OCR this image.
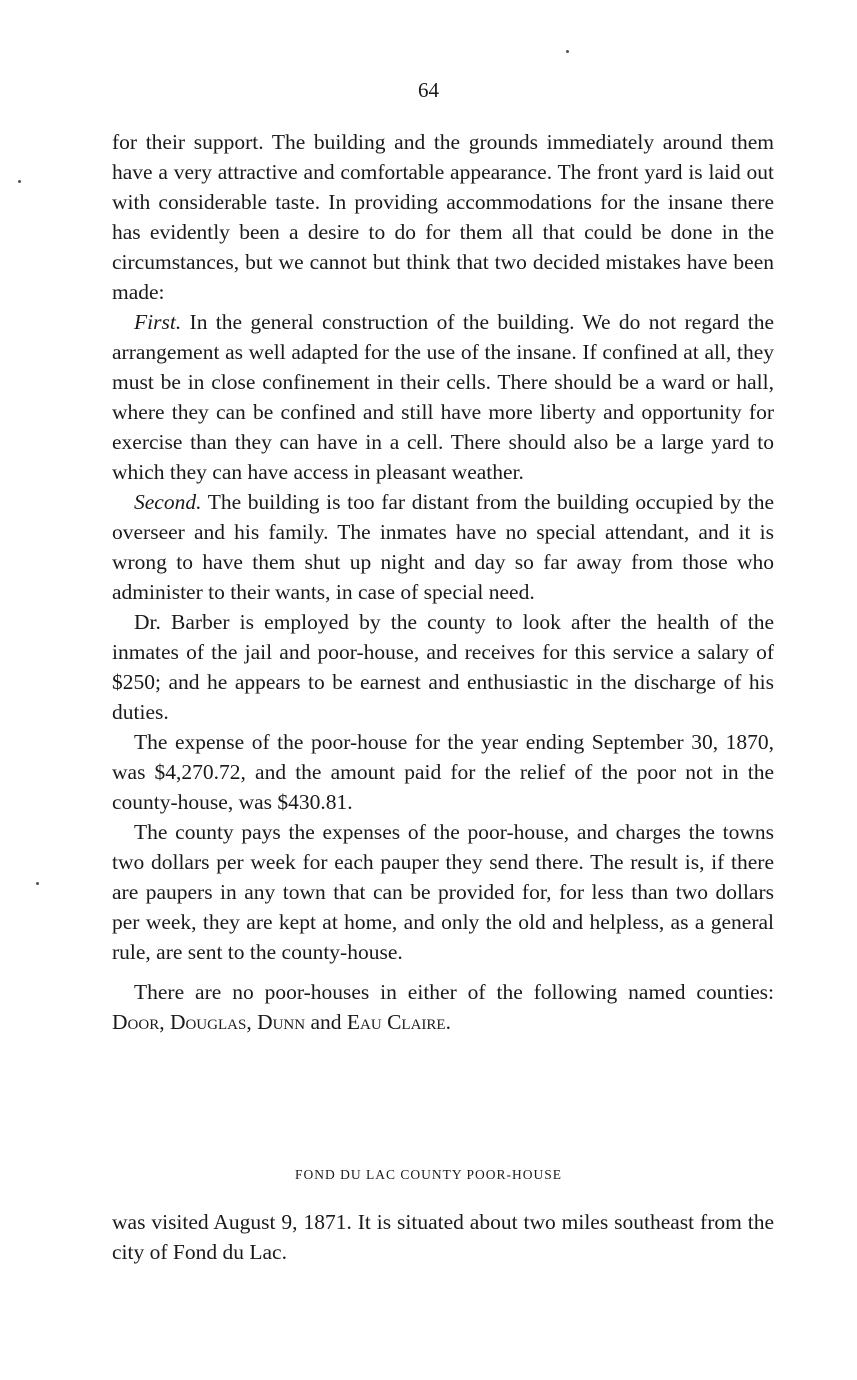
64

for their support. The building and the grounds immediately around them have a very attractive and comfortable appearance. The front yard is laid out with considerable taste. In providing accommodations for the insane there has evidently been a desire to do for them all that could be done in the circumstances, but we cannot but think that two decided mistakes have been made:

First. In the general construction of the building. We do not regard the arrangement as well adapted for the use of the insane. If confined at all, they must be in close confinement in their cells. There should be a ward or hall, where they can be confined and still have more liberty and opportunity for exercise than they can have in a cell. There should also be a large yard to which they can have access in pleasant weather.

Second. The building is too far distant from the building occupied by the overseer and his family. The inmates have no special attendant, and it is wrong to have them shut up night and day so far away from those who administer to their wants, in case of special need.

Dr. Barber is employed by the county to look after the health of the inmates of the jail and poor-house, and receives for this service a salary of $250; and he appears to be earnest and enthusiastic in the discharge of his duties.

The expense of the poor-house for the year ending September 30, 1870, was $4,270.72, and the amount paid for the relief of the poor not in the county-house, was $430.81.

The county pays the expenses of the poor-house, and charges the towns two dollars per week for each pauper they send there. The result is, if there are paupers in any town that can be provided for, for less than two dollars per week, they are kept at home, and only the old and helpless, as a general rule, are sent to the county-house.

There are no poor-houses in either of the following named counties: Door, Douglas, Dunn and Eau Claire.

FOND DU LAC COUNTY POOR-HOUSE

was visited August 9, 1871. It is situated about two miles southeast from the city of Fond du Lac.
